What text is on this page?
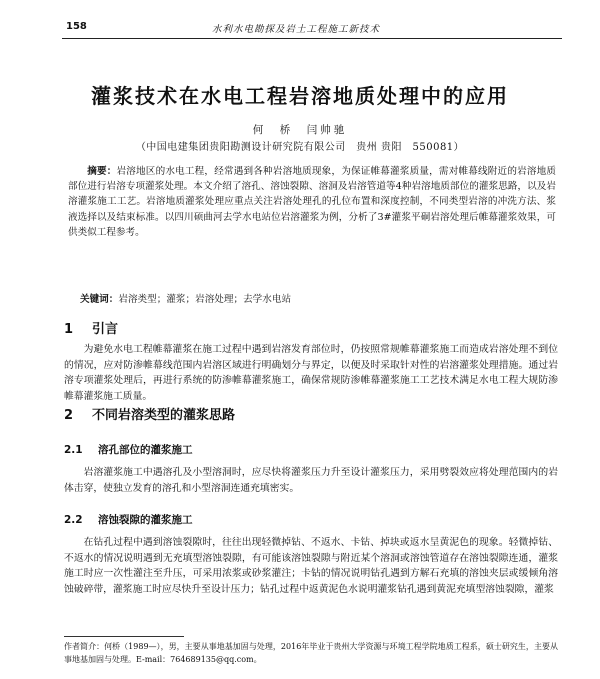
158	水利水电勘探及岩土工程施工新技术
灌浆技术在水电工程岩溶地质处理中的应用
何　桥　闫帅驰
（中国电建集团贵阳勘测设计研究院有限公司　贵州 贵阳　550081）
摘要：岩溶地区的水电工程，经常遇到各种岩溶地质现象，为保证帷幕灌浆质量，需对帷幕线附近的岩溶地质部位进行岩溶专项灌浆处理。本文介绍了溶孔、溶蚀裂隙、溶洞及岩溶管道等4种岩溶地质部位的灌浆思路，以及岩溶灌浆施工工艺。岩溶地质灌浆处理应重点关注岩溶处理孔的孔位布置和深度控制，不同类型岩溶的冲洗方法、浆液选择以及结束标准。以四川硕曲河去学水电站位岩溶灌浆为例，分析了3#灌浆平硐岩溶处理后帷幕灌浆效果，可供类似工程参考。
关键词：岩溶类型；灌浆；岩溶处理；去学水电站
1 引言
为避免水电工程帷幕灌浆在施工过程中遇到岩溶发育部位时，仍按照常规帷幕灌浆施工而造成岩溶处理不到位的情况，应对防渗帷幕线范围内岩溶区域进行明确划分与界定，以便及时采取针对性的岩溶灌浆处理措施。通过岩溶专项灌浆处理后，再进行系统的防渗帷幕灌浆施工，确保常规防渗帷幕灌浆施工工艺技术满足水电工程大规防渗帷幕灌浆施工质量。
2 不同岩溶类型的灌浆思路
2.1 溶孔部位的灌浆施工
岩溶灌浆施工中遇溶孔及小型溶洞时，应尽快将灌浆压力升至设计灌浆压力，采用劈裂效应将处理范围内的岩体击穿，使独立发育的溶孔和小型溶洞连通充填密实。
2.2 溶蚀裂隙的灌浆施工
在钻孔过程中遇到溶蚀裂隙时，往往出现轻微掉钻、不返水、卡钻、掉块或返水呈黄泥色的现象。轻微掉钻、不返水的情况说明遇到无充填型溶蚀裂隙，有可能该溶蚀裂隙与附近某个溶洞或溶蚀管道存在溶蚀裂隙连通，灌浆施工时应一次性灌注至升压，可采用浓浆或砂浆灌注；卡钻的情况说明钻孔遇到方解石充填的溶蚀夹层或缓倾角溶蚀破碎带，灌浆施工时应尽快升至设计压力；钻孔过程中返黄泥色水说明灌浆钻孔遇到黄泥充填型溶蚀裂隙，灌浆
作者简介：何桥（1989—），男，主要从事地基加固与处理，2016年毕业于贵州大学资源与环境工程学院地质工程系，硕士研究生，主要从事地基加固与处理。E-mail：764689135@qq.com。
